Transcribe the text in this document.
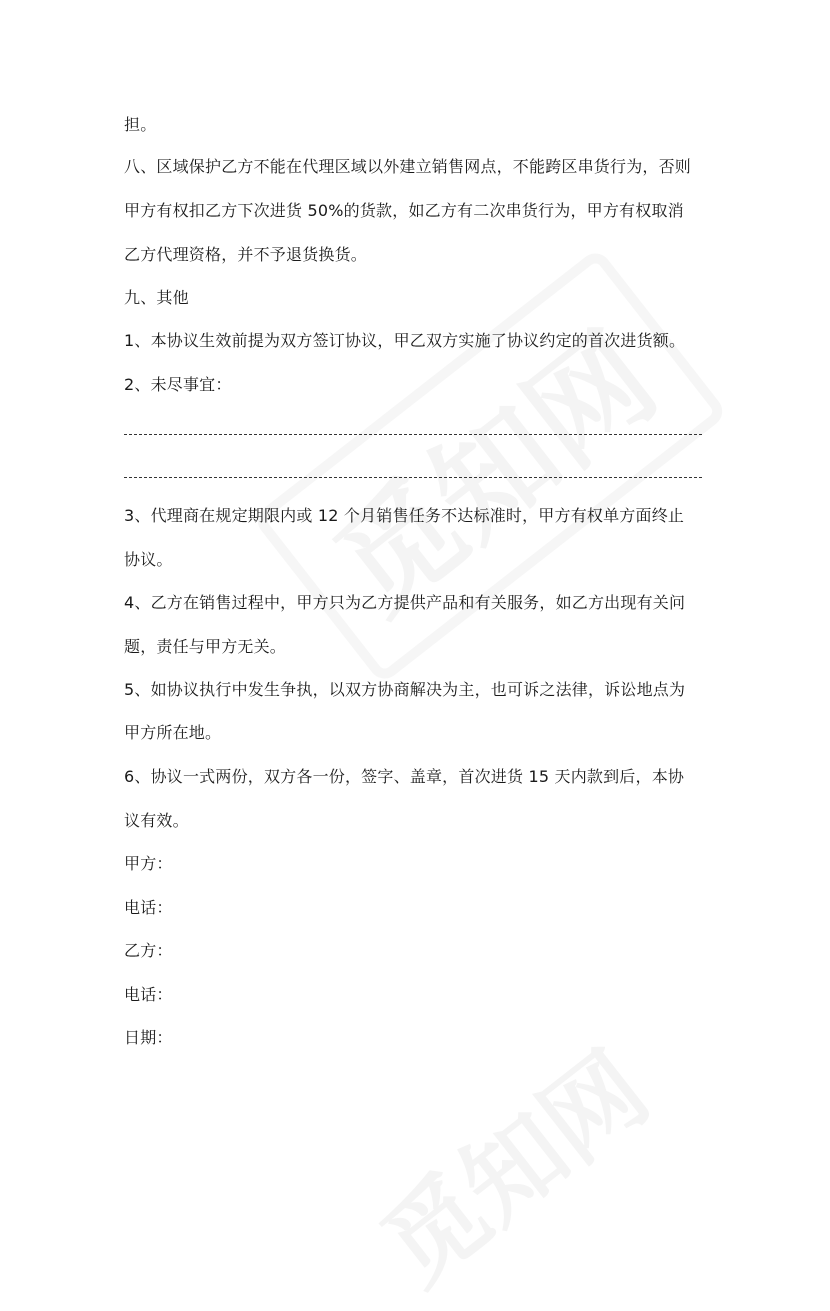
担。
八、区域保护乙方不能在代理区域以外建立销售网点，不能跨区串货行为，否则
甲方有权扣乙方下次进货 50%的货款，如乙方有二次串货行为，甲方有权取消
乙方代理资格，并不予退货换货。
九、其他
1、本协议生效前提为双方签订协议，甲乙双方实施了协议约定的首次进货额。
2、未尽事宜：
3、代理商在规定期限内或 12 个月销售任务不达标准时，甲方有权单方面终止
协议。
4、乙方在销售过程中，甲方只为乙方提供产品和有关服务，如乙方出现有关问
题，责任与甲方无关。
5、如协议执行中发生争执，以双方协商解决为主，也可诉之法律，诉讼地点为
甲方所在地。
6、协议一式两份，双方各一份，签字、盖章，首次进货 15 天内款到后，本协
议有效。
甲方：
电话：
乙方：
电话：
日期：
